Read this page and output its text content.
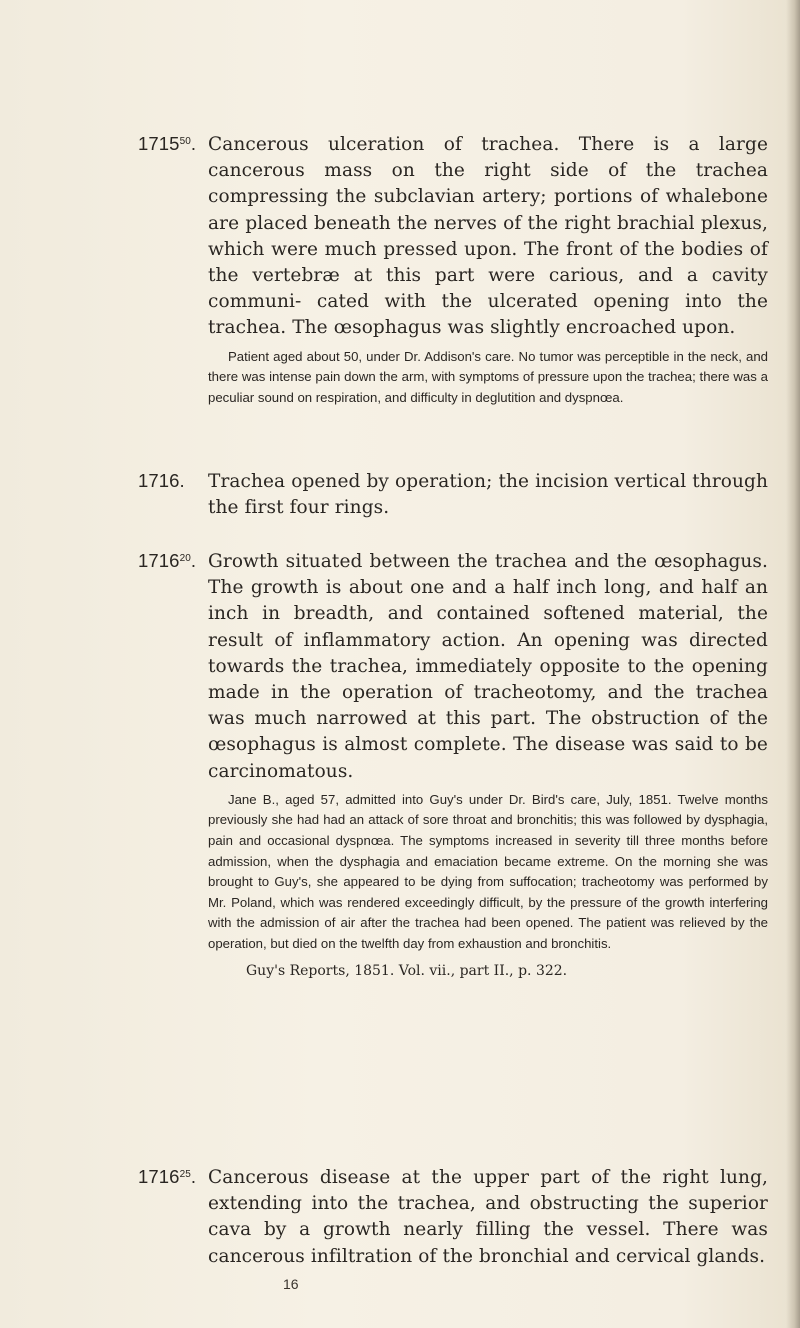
1715$^{50}$. Cancerous ulceration of trachea. There is a large cancerous mass on the right side of the trachea compressing the subclavian artery; portions of whalebone are placed beneath the nerves of the right brachial plexus, which were much pressed upon. The front of the bodies of the vertebræ at this part were carious, and a cavity communi- cated with the ulcerated opening into the trachea. The œsophagus was slightly encroached upon.
Patient aged about 50, under Dr. Addison's care. No tumor was perceptible in the neck, and there was intense pain down the arm, with symptoms of pressure upon the trachea; there was a peculiar sound on respiration, and difficulty in deglutition and dyspnœa.
1716. Trachea opened by operation; the incision vertical through the first four rings.
1716$^{20}$. Growth situated between the trachea and the œsophagus. The growth is about one and a half inch long, and half an inch in breadth, and contained softened material, the result of inflammatory action. An opening was directed towards the trachea, immediately opposite to the opening made in the operation of tracheotomy, and the trachea was much narrowed at this part. The obstruction of the œsophagus is almost complete. The disease was said to be carcinomatous.
Jane B., aged 57, admitted into Guy's under Dr. Bird's care, July, 1851. Twelve months previously she had had an attack of sore throat and bronchitis; this was followed by dysphagia, pain and occasional dyspnœa. The symptoms increased in severity till three months before admission, when the dysphagia and emaciation became extreme. On the morning she was brought to Guy's, she appeared to be dying from suffocation; tracheotomy was performed by Mr. Poland, which was rendered exceedingly difficult, by the pressure of the growth interfering with the admission of air after the trachea had been opened. The patient was relieved by the operation, but died on the twelfth day from exhaustion and bronchitis.
Guy's Reports, 1851. Vol. vii., part II., p. 322.
1716$^{25}$. Cancerous disease at the upper part of the right lung, extending into the trachea, and obstructing the superior cava by a growth nearly filling the vessel. There was cancerous infiltration of the bronchial and cervical glands.
16
